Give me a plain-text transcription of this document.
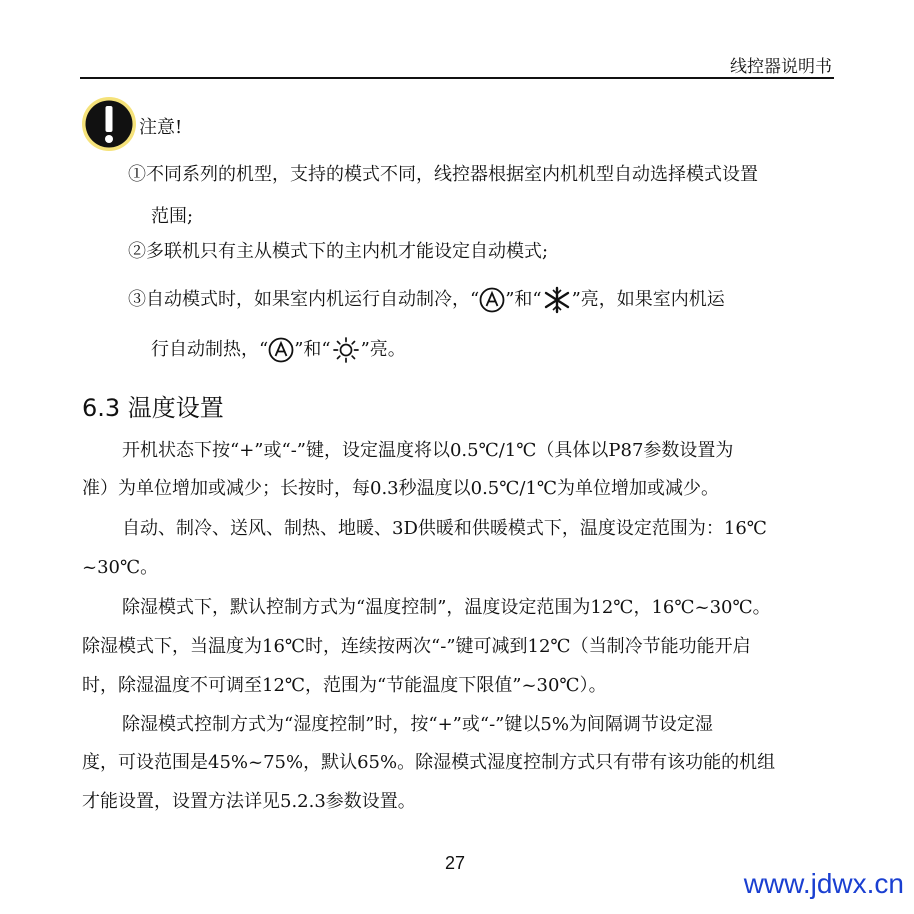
线控器说明书
注意!
①不同系列的机型，支持的模式不同，线控器根据室内机机型自动选择模式设置
范围;
②多联机只有主从模式下的主内机才能设定自动模式;
③自动模式时，如果室内机运行自动制冷，“ ”和“ ”亮，如果室内机运
行自动制热，“ ”和“ ”亮。
6.3 温度设置
开机状态下按“+”或“-”键，设定温度将以0.5℃/1℃（具体以P87参数设置为
准）为单位增加或减少；长按时，每0.3秒温度以0.5℃/1℃为单位增加或减少。
自动、制冷、送风、制热、地暖、3D供暖和供暖模式下，温度设定范围为：16℃
~30℃。
除湿模式下，默认控制方式为“温度控制”，温度设定范围为12℃，16℃~30℃。
除湿模式下，当温度为16℃时，连续按两次“-”键可减到12℃（当制冷节能功能开启
时，除湿温度不可调至12℃，范围为“节能温度下限值”~30℃）。
除湿模式控制方式为“湿度控制”时，按“+”或“-”键以5%为间隔调节设定湿
度，可设范围是45%~75%，默认65%。除湿模式湿度控制方式只有带有该功能的机组
才能设置，设置方法详见5.2.3参数设置。
27
www.jdwx.cn
